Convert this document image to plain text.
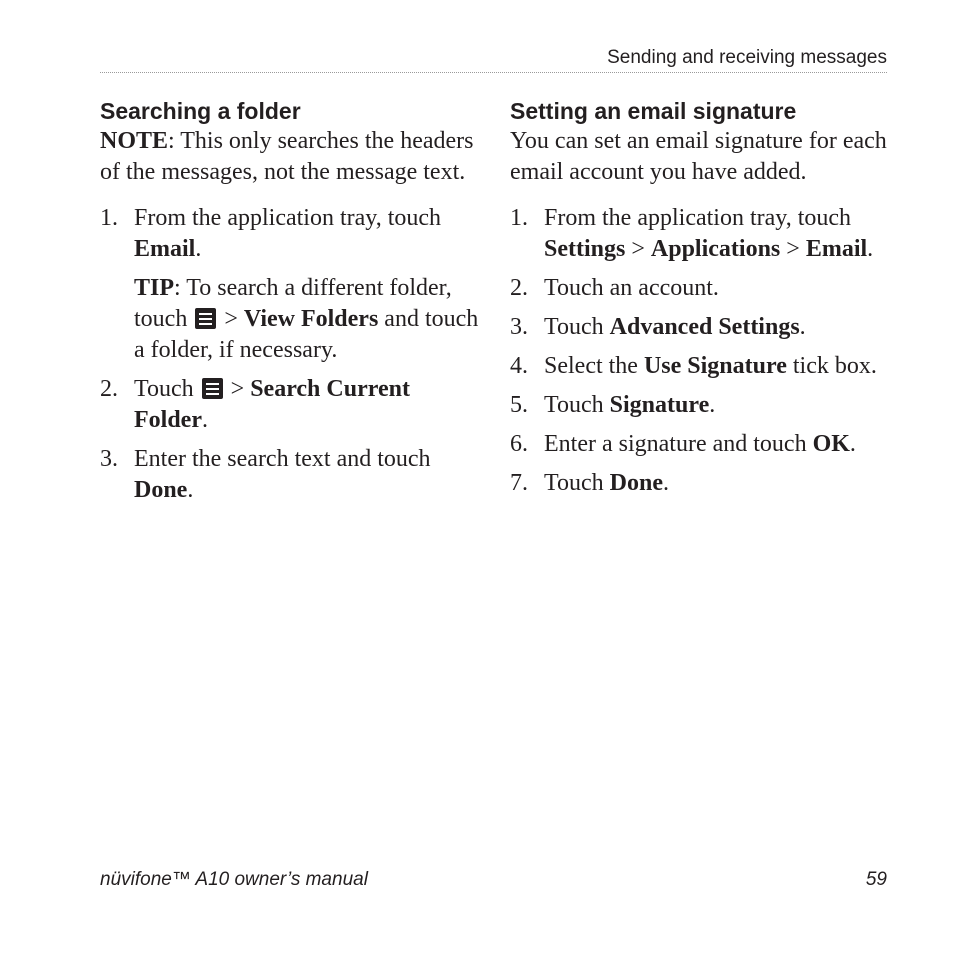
Sending and receiving messages
Searching a folder

NOTE: This only searches the headers of the messages, not the message text.

1. From the application tray, touch Email.

TIP: To search a different folder, touch
> View Folders and touch a folder, if necessary.

2. Touch
> Search Current Folder.

3. Enter the search text and touch Done.

Setting an email signature

You can set an email signature for each email account you have added.

1. From the application tray, touch Settings > Applications > Email.

2. Touch an account.

3. Touch Advanced Settings.

4. Select the Use Signature tick box.

5. Touch Signature.

6. Enter a signature and touch OK.

7. Touch Done.

nüvifone™ A10 owner’s manual	59
